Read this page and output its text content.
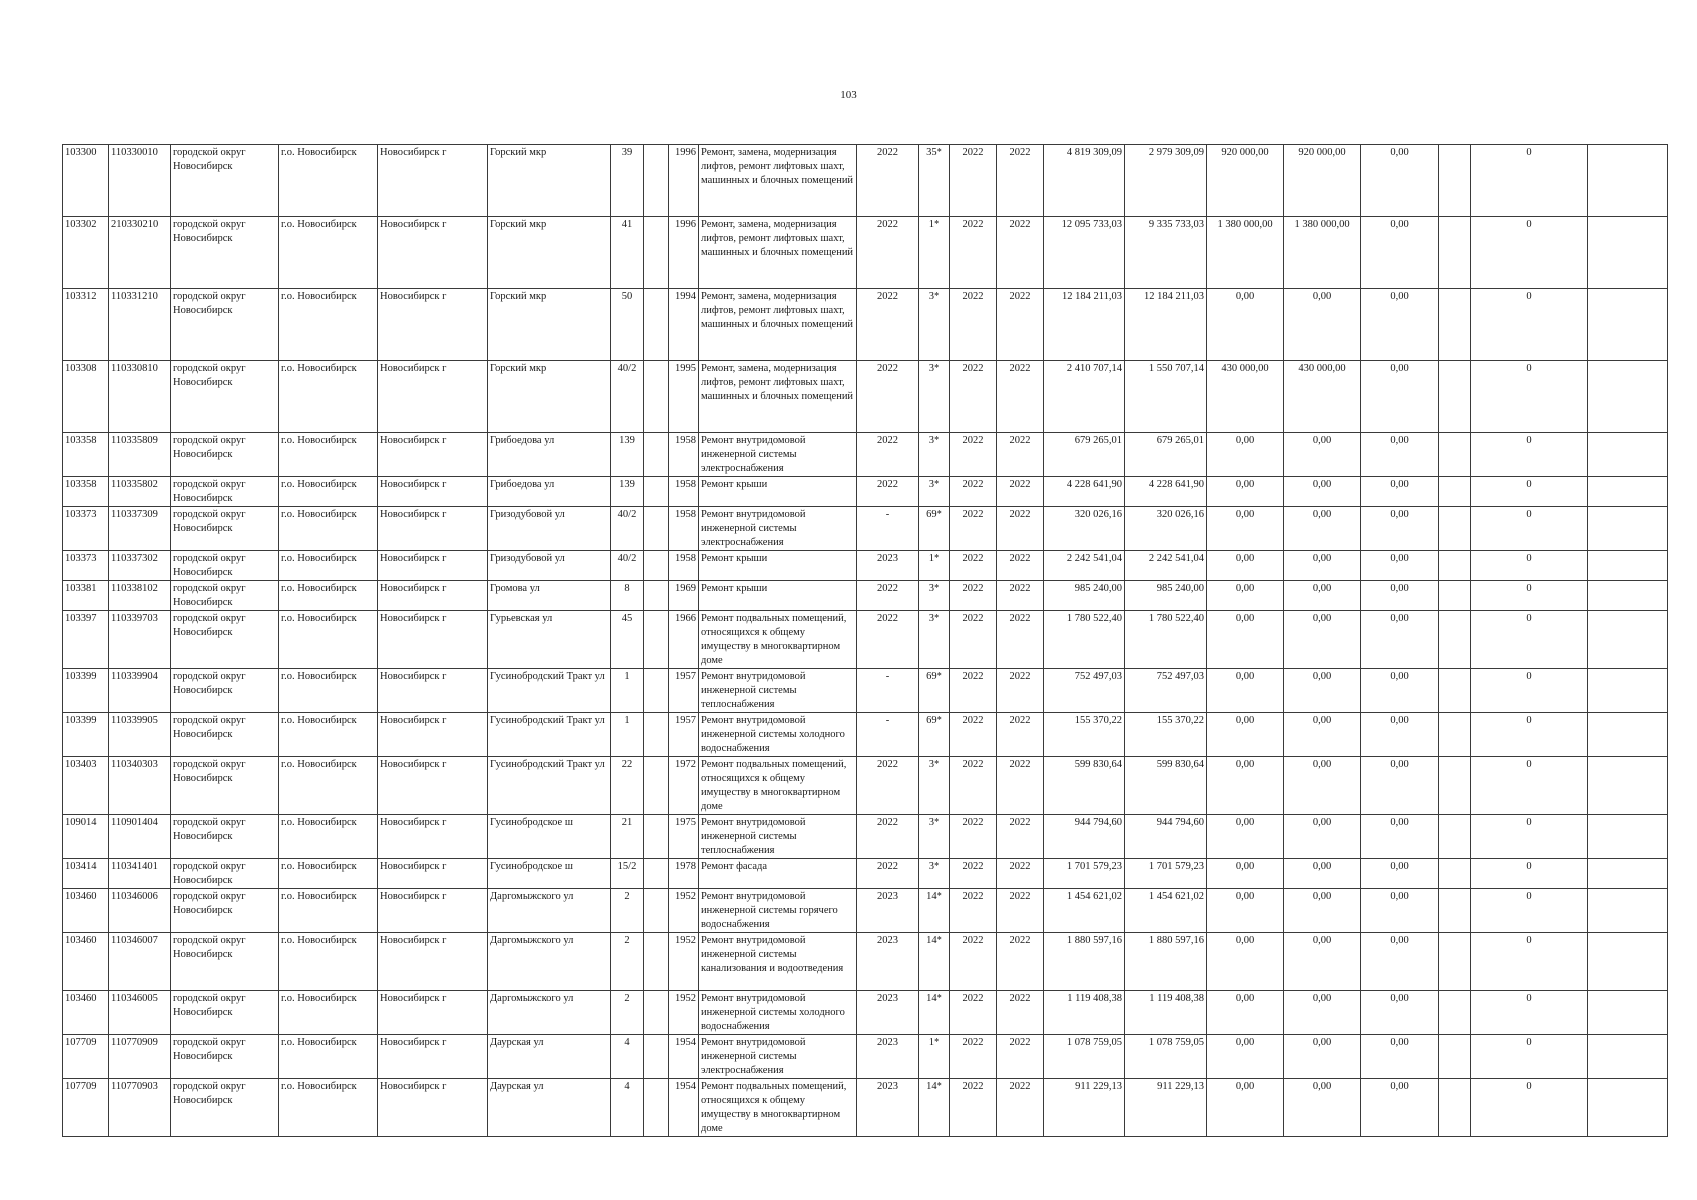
103
103300	110330010	городской округ Новосибирск	г.о. Новосибирск	Новосибирск г	Горский мкр	39		1996	Ремонт, замена, модернизация лифтов, ремонт лифтовых шахт, машинных и блочных помещений	2022	35*	2022	2022	4 819 309,09	2 979 309,09	920 000,00	920 000,00	0,00		0	
103302	210330210	городской округ Новосибирск	г.о. Новосибирск	Новосибирск г	Горский мкр	41		1996	Ремонт, замена, модернизация лифтов, ремонт лифтовых шахт, машинных и блочных помещений	2022	1*	2022	2022	12 095 733,03	9 335 733,03	1 380 000,00	1 380 000,00	0,00		0	
103312	110331210	городской округ Новосибирск	г.о. Новосибирск	Новосибирск г	Горский мкр	50		1994	Ремонт, замена, модернизация лифтов, ремонт лифтовых шахт, машинных и блочных помещений	2022	3*	2022	2022	12 184 211,03	12 184 211,03	0,00	0,00	0,00		0	
103308	110330810	городской округ Новосибирск	г.о. Новосибирск	Новосибирск г	Горский мкр	40/2		1995	Ремонт, замена, модернизация лифтов, ремонт лифтовых шахт, машинных и блочных помещений	2022	3*	2022	2022	2 410 707,14	1 550 707,14	430 000,00	430 000,00	0,00		0	
103358	110335809	городской округ Новосибирск	г.о. Новосибирск	Новосибирск г	Грибоедова ул	139		1958	Ремонт внутридомовой инженерной системы электроснабжения	2022	3*	2022	2022	679 265,01	679 265,01	0,00	0,00	0,00		0	
103358	110335802	городской округ Новосибирск	г.о. Новосибирск	Новосибирск г	Грибоедова ул	139		1958	Ремонт крыши	2022	3*	2022	2022	4 228 641,90	4 228 641,90	0,00	0,00	0,00		0	
103373	110337309	городской округ Новосибирск	г.о. Новосибирск	Новосибирск г	Гризодубовой ул	40/2		1958	Ремонт внутридомовой инженерной системы электроснабжения	-	69*	2022	2022	320 026,16	320 026,16	0,00	0,00	0,00		0	
103373	110337302	городской округ Новосибирск	г.о. Новосибирск	Новосибирск г	Гризодубовой ул	40/2		1958	Ремонт крыши	2023	1*	2022	2022	2 242 541,04	2 242 541,04	0,00	0,00	0,00		0	
103381	110338102	городской округ Новосибирск	г.о. Новосибирск	Новосибирск г	Громова ул	8		1969	Ремонт крыши	2022	3*	2022	2022	985 240,00	985 240,00	0,00	0,00	0,00		0	
103397	110339703	городской округ Новосибирск	г.о. Новосибирск	Новосибирск г	Гурьевская ул	45		1966	Ремонт подвальных помещений, относящихся к общему имуществу в многоквартирном доме	2022	3*	2022	2022	1 780 522,40	1 780 522,40	0,00	0,00	0,00		0	
103399	110339904	городской округ Новосибирск	г.о. Новосибирск	Новосибирск г	Гусинобродский Тракт ул	1		1957	Ремонт внутридомовой инженерной системы теплоснабжения	-	69*	2022	2022	752 497,03	752 497,03	0,00	0,00	0,00		0	
103399	110339905	городской округ Новосибирск	г.о. Новосибирск	Новосибирск г	Гусинобродский Тракт ул	1		1957	Ремонт внутридомовой инженерной системы холодного водоснабжения	-	69*	2022	2022	155 370,22	155 370,22	0,00	0,00	0,00		0	
103403	110340303	городской округ Новосибирск	г.о. Новосибирск	Новосибирск г	Гусинобродский Тракт ул	22		1972	Ремонт подвальных помещений, относящихся к общему имуществу в многоквартирном доме	2022	3*	2022	2022	599 830,64	599 830,64	0,00	0,00	0,00		0	
109014	110901404	городской округ Новосибирск	г.о. Новосибирск	Новосибирск г	Гусинобродское ш	21		1975	Ремонт внутридомовой инженерной системы теплоснабжения	2022	3*	2022	2022	944 794,60	944 794,60	0,00	0,00	0,00		0	
103414	110341401	городской округ Новосибирск	г.о. Новосибирск	Новосибирск г	Гусинобродское ш	15/2		1978	Ремонт фасада	2022	3*	2022	2022	1 701 579,23	1 701 579,23	0,00	0,00	0,00		0	
103460	110346006	городской округ Новосибирск	г.о. Новосибирск	Новосибирск г	Даргомыжского ул	2		1952	Ремонт внутридомовой инженерной системы горячего водоснабжения	2023	14*	2022	2022	1 454 621,02	1 454 621,02	0,00	0,00	0,00		0	
103460	110346007	городской округ Новосибирск	г.о. Новосибирск	Новосибирск г	Даргомыжского ул	2		1952	Ремонт внутридомовой инженерной системы канализования и водоотведения	2023	14*	2022	2022	1 880 597,16	1 880 597,16	0,00	0,00	0,00		0	
103460	110346005	городской округ Новосибирск	г.о. Новосибирск	Новосибирск г	Даргомыжского ул	2		1952	Ремонт внутридомовой инженерной системы холодного водоснабжения	2023	14*	2022	2022	1 119 408,38	1 119 408,38	0,00	0,00	0,00		0	
107709	110770909	городской округ Новосибирск	г.о. Новосибирск	Новосибирск г	Даурская ул	4		1954	Ремонт внутридомовой инженерной системы электроснабжения	2023	1*	2022	2022	1 078 759,05	1 078 759,05	0,00	0,00	0,00		0	
107709	110770903	городской округ Новосибирск	г.о. Новосибирск	Новосибирск г	Даурская ул	4		1954	Ремонт подвальных помещений, относящихся к общему имуществу в многоквартирном доме	2023	14*	2022	2022	911 229,13	911 229,13	0,00	0,00	0,00		0	
